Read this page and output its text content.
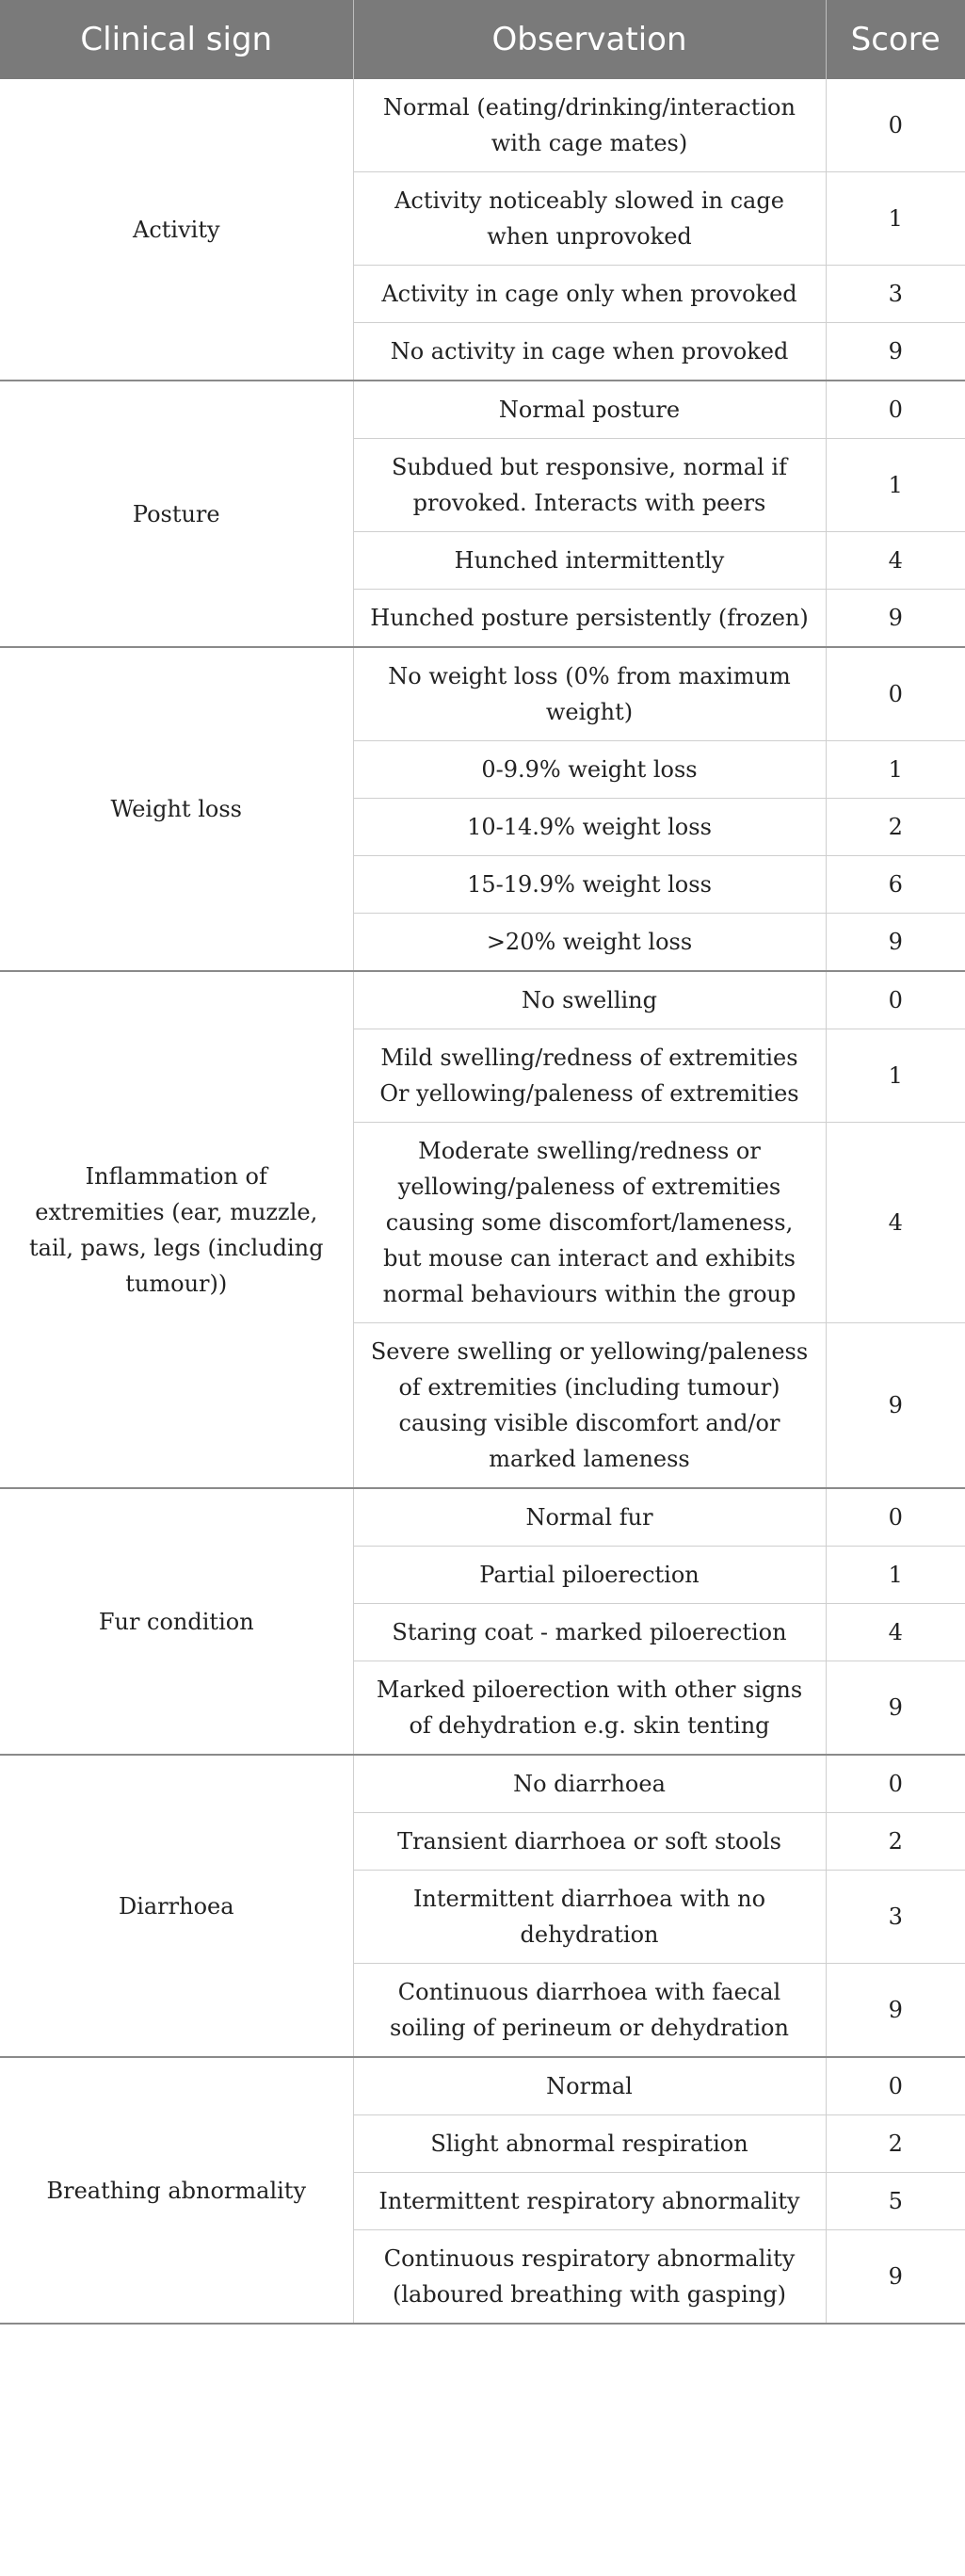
Clinical sign	Observation	Score
Activity	Normal (eating/drinking/interaction with cage mates)	0
	Activity noticeably slowed in cage when unprovoked	1
	Activity in cage only when provoked	3
	No activity in cage when provoked	9
Posture	Normal posture	0
	Subdued but responsive, normal if provoked. Interacts with peers	1
	Hunched intermittently	4
	Hunched posture persistently (frozen)	9
Weight loss	No weight loss (0% from maximum weight)	0
	0-9.9% weight loss	1
	10-14.9% weight loss	2
	15-19.9% weight loss	6
	>20% weight loss	9
Inflammation of extremities (ear, muzzle, tail, paws, legs (including tumour))	No swelling	0
	Mild swelling/redness of extremities Or yellowing/paleness of extremities	1
	Moderate swelling/redness or yellowing/paleness of extremities causing some discomfort/lameness, but mouse can interact and exhibits normal behaviours within the group	4
	Severe swelling or yellowing/paleness of extremities (including tumour) causing visible discomfort and/or marked lameness	9
Fur condition	Normal fur	0
	Partial piloerection	1
	Staring coat - marked piloerection	4
	Marked piloerection with other signs of dehydration e.g. skin tenting	9
Diarrhoea	No diarrhoea	0
	Transient diarrhoea or soft stools	2
	Intermittent diarrhoea with no dehydration	3
	Continuous diarrhoea with faecal soiling of perineum or dehydration	9
Breathing abnormality	Normal	0
	Slight abnormal respiration	2
	Intermittent respiratory abnormality	5
	Continuous respiratory abnormality (laboured breathing with gasping)	9
